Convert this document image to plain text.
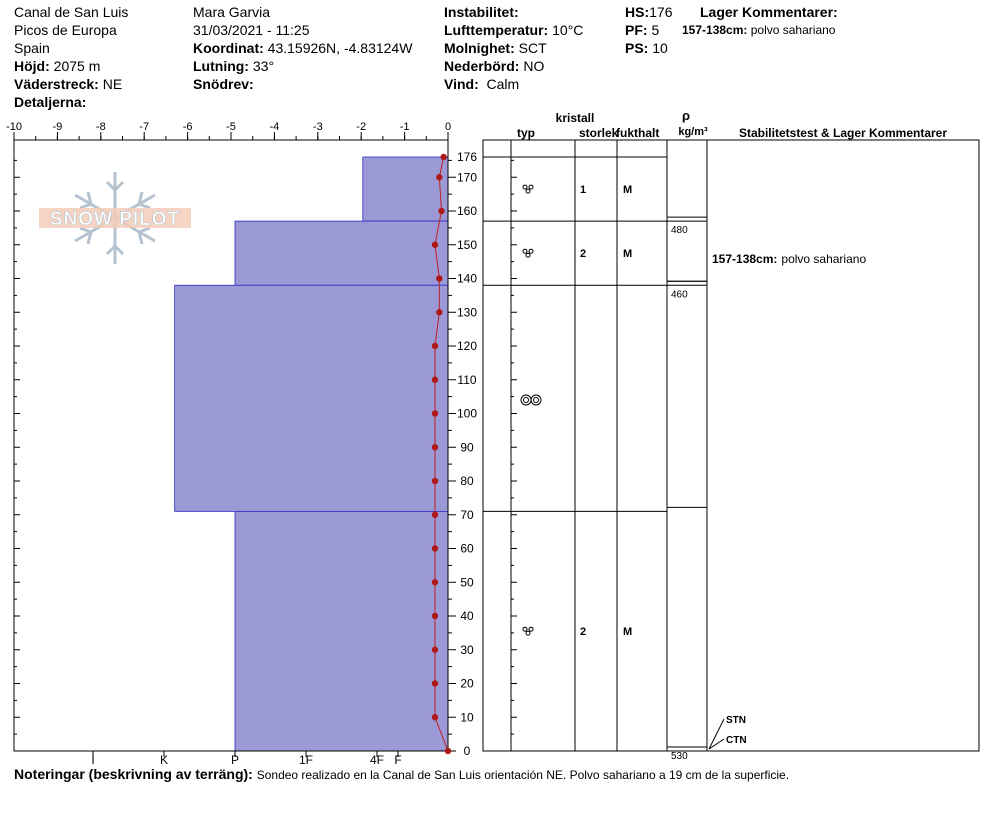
Canal de San Luis
Picos de Europa
Spain
Höjd: 2075 m
Väderstreck: NE
Detaljerna:
Mara Garvia
31/03/2021 - 11:25
Koordinat: 43.15926N, -4.83124W
Lutning: 33°
Snödrev:
Instabilitet:
Lufttemperatur: 10°C
Molnighet: SCT
Nederbörd: NO
Vind: Calm
HS:176
PF: 5
PS: 10
Lager Kommentarer:
157-138cm: polvo sahariano
-10	-9	-8	-7	-6	-5	-4	-3	-2	-1	0
0
10
20
30
40
50
60
70
80
90
100
110
120
130
140
150
160
170
176
I	K	P	1F	4F F
SNOW PILOT
1	M
2	M
2	M
480
460
530
STN
CTN
kristall
typ	storlek
fukthalt
ρ
kg/m³	Stabilitetstest & Lager Kommentarer
157-138cm: polvo sahariano
Noteringar (beskrivning av terräng): Sondeo realizado en la Canal de San Luis orientación NE. Polvo sahariano a 19 cm de la superficie.
